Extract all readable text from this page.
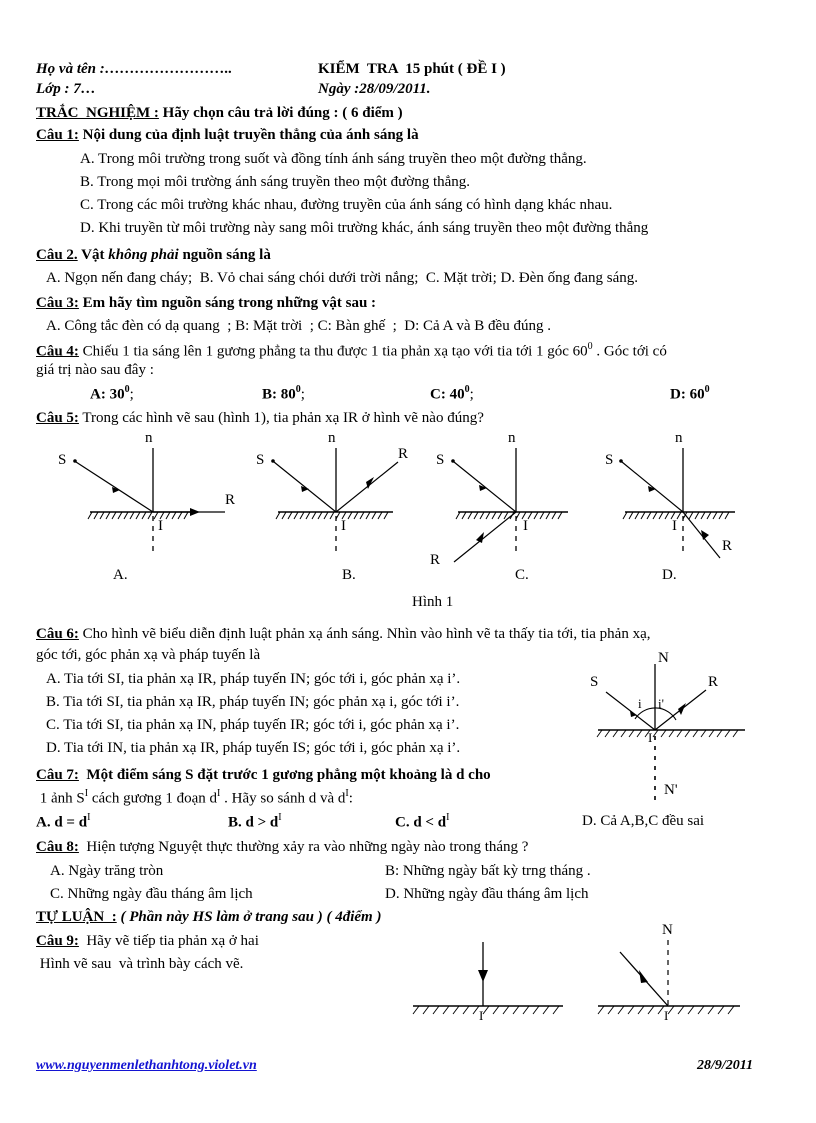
Họ và tên :……………………..
Lớp : 7…
KIỂM  TRA  15 phút ( ĐỀ I )
Ngày :28/09/2011.
TRẮC  NGHIỆM : Hãy chọn câu trả lời đúng : ( 6 điểm )
Câu 1: Nội dung của định luật truyền thẳng của ánh sáng là
A. Trong môi trường trong suốt và đồng tính ánh sáng truyền theo một đường thẳng.
B. Trong mọi môi trường ánh sáng truyền theo một đường thẳng.
C. Trong các môi trường khác nhau, đường truyền của ánh sáng có hình dạng khác nhau.
D. Khi truyền từ môi trường này sang môi trường khác, ánh sáng truyền theo một đường thẳng
Câu 2. Vật không phải nguồn sáng là
A. Ngọn nến đang cháy;  B. Vỏ chai sáng chói dưới trời nắng;  C. Mặt trời; D. Đèn ống đang sáng.
Câu 3: Em hãy tìm nguồn sáng trong những vật sau :
A. Công tắc đèn có dạ quang  ; B: Mặt trời  ; C: Bàn ghế  ;  D: Cả A và B đều đúng .
Câu 4: Chiếu 1 tia sáng lên 1 gương phẳng ta thu được 1 tia phản xạ tạo với tia tới 1 góc $60^0$ . Góc tới có
giá trị nào sau đây :
A: $30^0$;	B: $80^0$;	C: $40^0$;	D: $60^0$
Câu 5: Trong các hình vẽ sau (hình 1), tia phản xạ IR ở hình vẽ nào đúng?
S
n
I
R
S
n
I
R S
n
I
R
S
n
I
R
A.	B.	C.	D.
Hình 1
Câu 6: Cho hình vẽ biểu diễn định luật phản xạ ánh sáng. Nhìn vào hình vẽ ta thấy tia tới, tia phản xạ,
góc tới, góc phản xạ và pháp tuyến là
A. Tia tới SI, tia phản xạ IR, pháp tuyến IN; góc tới i, góc phản xạ i’.
B. Tia tới SI, tia phản xạ IR, pháp tuyến IN; góc phản xạ i, góc tới i’.
C. Tia tới SI, tia phản xạ IN, pháp tuyến IR; góc tới i, góc phản xạ i’.
D. Tia tới IN, tia phản xạ IR, pháp tuyến IS; góc tới i, góc phản xạ i’.
S
N
R
i i'
I
N'
Câu 7:  Một điểm sáng S đặt trước 1 gương phẳng một khoảng là d cho
1 ảnh $S^I$ cách gương 1 đoạn $d^I$ . Hãy so sánh d và $d^I$:
A. $d = d^I$	B. $d > d^I$	C. $d < d^I$	D. Cả A,B,C đều sai
Câu 8:  Hiện tượng Nguyệt thực thường xảy ra vào những ngày nào trong tháng ?
A. Ngày trăng tròn	B: Những ngày bất kỳ trng tháng .
C. Những ngày đầu tháng âm lịch	D. Những ngày đầu tháng âm lịch
TỰ LUẬN  : ( Phần này HS làm ở trang sau ) ( 4điểm )
Câu 9:  Hãy vẽ tiếp tia phản xạ ở hai
Hình vẽ sau  và trình bày cách vẽ.
I
N
I
www.nguyenmenlethanhtong.violet.vn	28/9/2011
